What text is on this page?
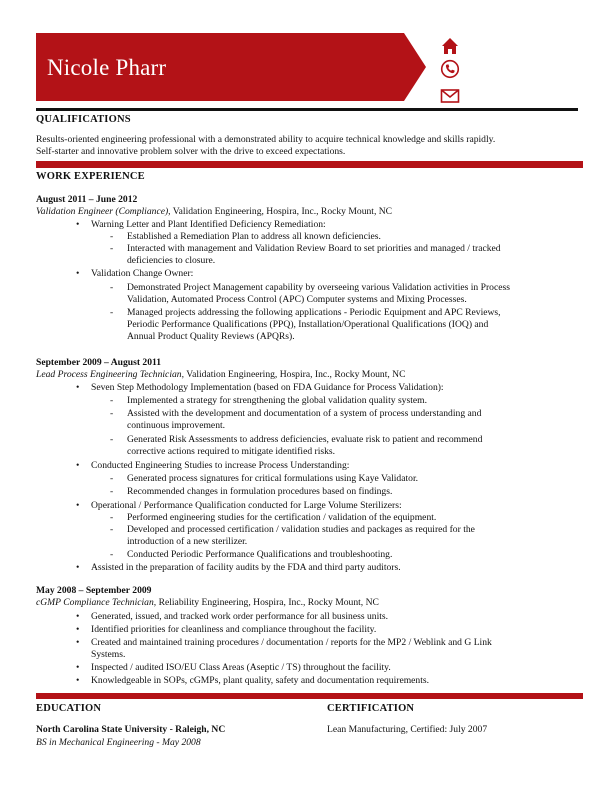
Nicole Pharr
QUALIFICATIONS
Results-oriented engineering professional with a demonstrated ability to acquire technical knowledge and skills rapidly.
Self-starter and innovative problem solver with the drive to exceed expectations.
WORK EXPERIENCE
August 2011 – June 2012
Validation Engineer (Compliance), Validation Engineering, Hospira, Inc., Rocky Mount, NC
• Warning Letter and Plant Identified Deficiency Remediation:
- Established a Remediation Plan to address all known deficiencies.
- Interacted with management and Validation Review Board to set priorities and managed / tracked
deficiencies to closure.
• Validation Change Owner:
- Demonstrated Project Management capability by overseeing various Validation activities in Process
Validation, Automated Process Control (APC) Computer systems and Mixing Processes.
- Managed projects addressing the following applications - Periodic Equipment and APC Reviews,
Periodic Performance Qualifications (PPQ), Installation/Operational Qualifications (IOQ) and
Annual Product Quality Reviews (APQRs).
September 2009 – August 2011
Lead Process Engineering Technician, Validation Engineering, Hospira, Inc., Rocky Mount, NC
• Seven Step Methodology Implementation (based on FDA Guidance for Process Validation):
- Implemented a strategy for strengthening the global validation quality system.
- Assisted with the development and documentation of a system of process understanding and
continuous improvement.
- Generated Risk Assessments to address deficiencies, evaluate risk to patient and recommend
corrective actions required to mitigate identified risks.
• Conducted Engineering Studies to increase Process Understanding:
- Generated process signatures for critical formulations using Kaye Validator.
- Recommended changes in formulation procedures based on findings.
• Operational / Performance Qualification conducted for Large Volume Sterilizers:
- Performed engineering studies for the certification / validation of the equipment.
- Developed and processed certification / validation studies and packages as required for the
introduction of a new sterilizer.
- Conducted Periodic Performance Qualifications and troubleshooting.
• Assisted in the preparation of facility audits by the FDA and third party auditors.
May 2008 – September 2009
cGMP Compliance Technician, Reliability Engineering, Hospira, Inc., Rocky Mount, NC
• Generated, issued, and tracked work order performance for all business units.
• Identified priorities for cleanliness and compliance throughout the facility.
• Created and maintained training procedures / documentation / reports for the MP2 / Weblink and G Link
Systems.
• Inspected / audited ISO/EU Class Areas (Aseptic / TS) throughout the facility.
• Knowledgeable in SOPs, cGMPs, plant quality, safety and documentation requirements.
EDUCATION	CERTIFICATION
North Carolina State University - Raleigh, NC
BS in Mechanical Engineering - May 2008
Lean Manufacturing, Certified: July 2007
